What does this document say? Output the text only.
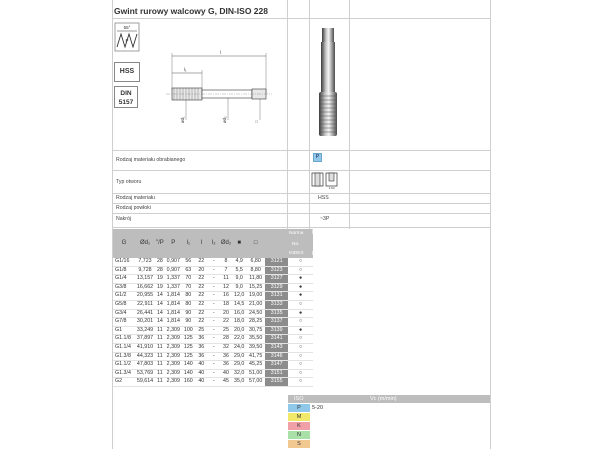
Gwint rurowy walcowy G, DIN-ISO 228
55°
P
HSS
DIN
5157
l
l₁
ød₁	ød₂	□
Rodzaj materiału obrabianego	P
Typ otworu
1.5d
Rodzaj materiału	HSS
Rodzaj powłoki
Nakrój	~3P
G	Ød₁	"/P	P	l₁	l	l₂	Ød₂	■	□		
G1/16	7,723	28	0,907	56	22	-	8	4,9	6,80	3121	○
G1/8	9,728	28	0,907	63	20	-	7	5,5	8,80	3123	○
G1/4	13,157	19	1,337	70	22	-	11	9,0	11,80	3127	●
G3/8	16,662	19	1,337	70	22	-	12	9,0	15,25	3129	●
G1/2	20,955	14	1,814	80	22	-	16	12,0	19,00	3131	●
G5/8	22,911	14	1,814	80	22	-	18	14,5	21,00	3133	○
G3/4	26,441	14	1,814	90	22	-	20	16,0	24,50	3135	●
G7/8	30,201	14	1,814	90	22	-	22	18,0	28,25	3137	○
G1	33,249	11	2,309	100	25	-	25	20,0	30,75	3139	●
G1.1/8	37,897	11	2,309	125	36	-	28	22,0	35,50	3141	○
G1.1/4	41,910	11	2,309	125	36	-	32	24,0	39,50	3143	○
G1.3/8	44,323	11	2,309	125	36	-	36	29,0	41,75	3146	○
G1.1/2	47,803	11	2,309	140	40	-	36	29,0	45,25	3147	○
G1.3/4	53,769	11	2,309	140	40	-	40	32,0	51,00	3151	○
G2	59,614	11	2,309	160	40	-	45	35,0	57,00	3155	○
Norma DIN-5157
No.
INDEX E1-131051
ISO	Vc (m/min)
P	5-20
M
K
N
S
